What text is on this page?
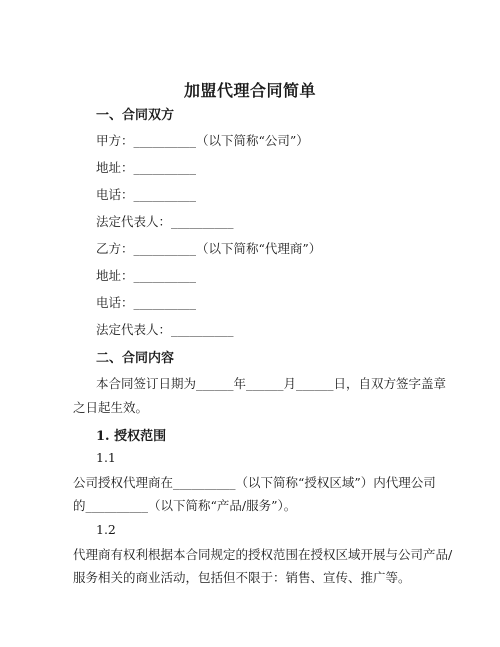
加盟代理合同简单
一、合同双方
甲方：__________（以下简称“公司”）
地址：__________
电话：__________
法定代表人：__________
乙方：__________（以下简称“代理商”）
地址：__________
电话：__________
法定代表人：__________
二、合同内容
本合同签订日期为______年______月______日，自双方签字盖章
之日起生效。
1. 授权范围
1.1
公司授权代理商在__________（以下简称“授权区域”）内代理公司
的__________（以下简称“产品/服务”）。
1.2
代理商有权利根据本合同规定的授权范围在授权区域开展与公司产品/
服务相关的商业活动，包括但不限于：销售、宣传、推广等。
